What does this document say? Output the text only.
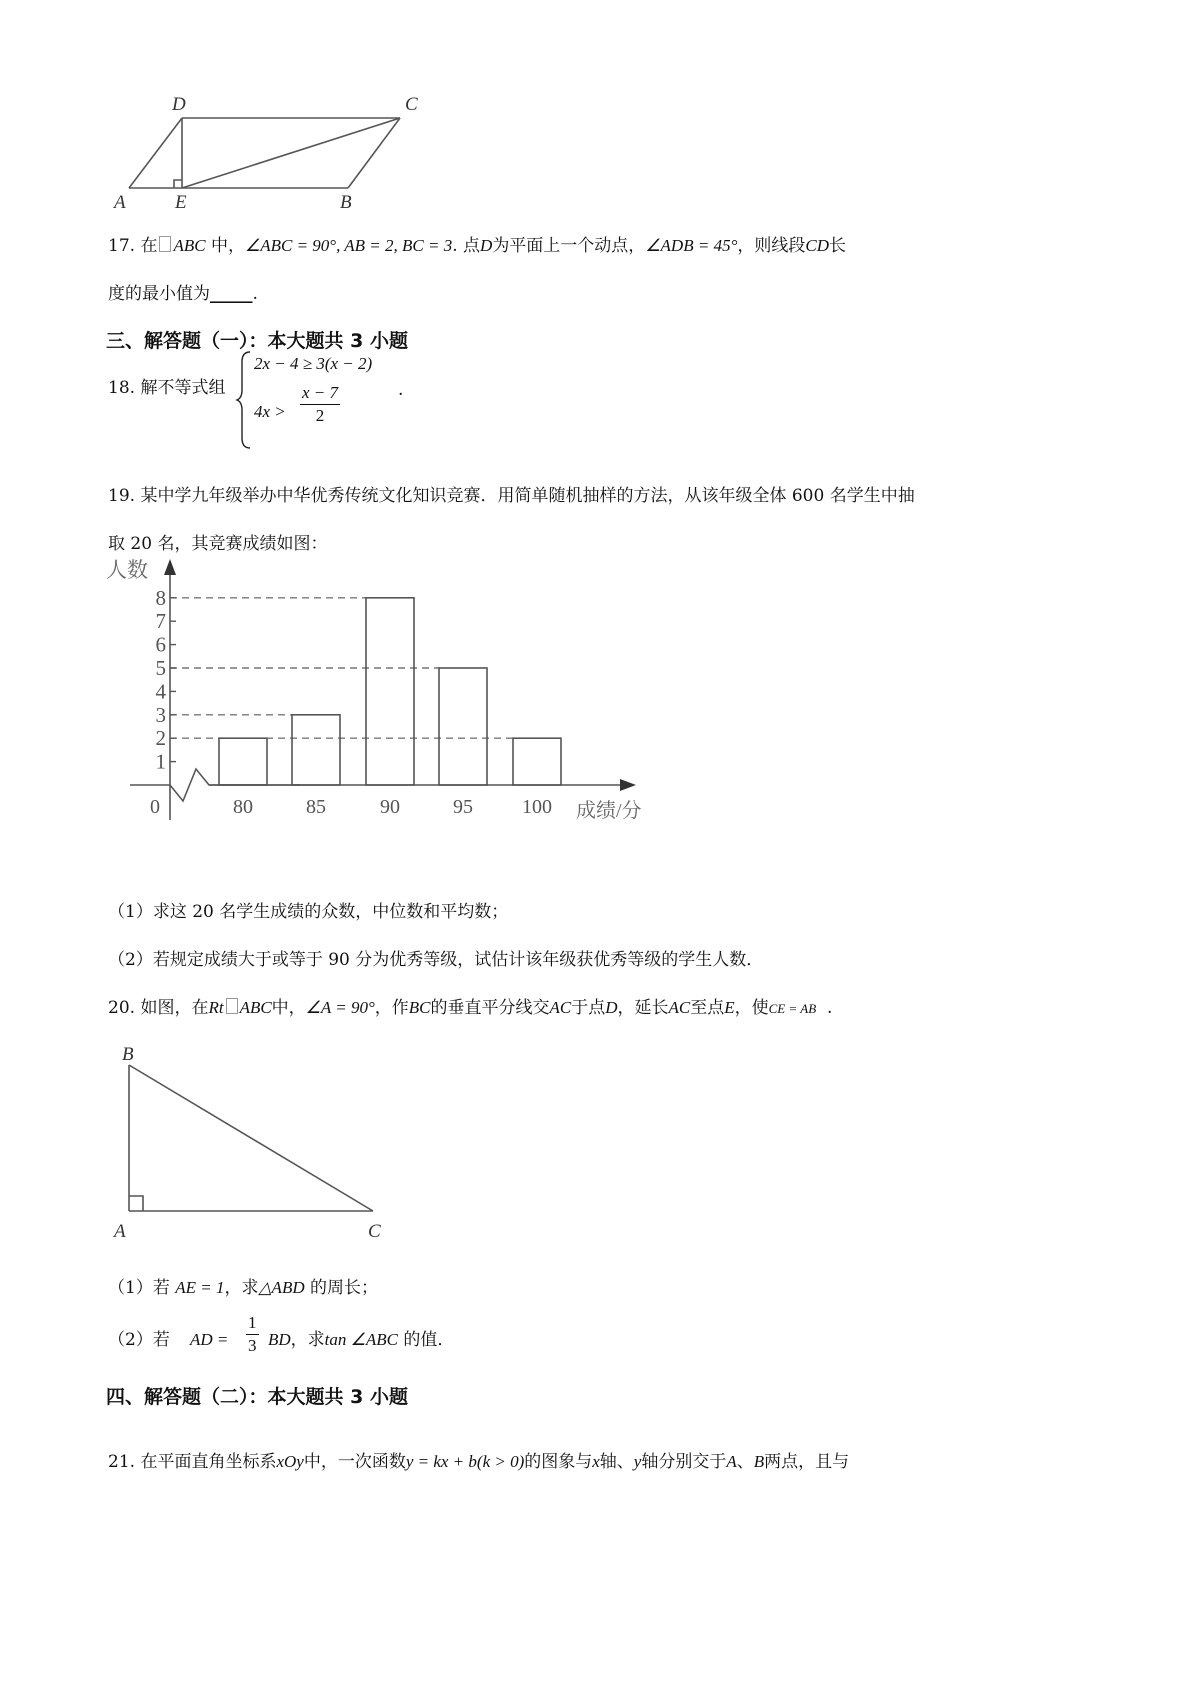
D	C
A	E	B
17. 在 ABC 中，∠ABC = 90°, AB = 2, BC = 3. 点D为平面上一个动点，∠ADB = 45°，则线段CD长
度的最小值为_____.
三、解答题（一）：本大题共 3 小题
18. 解不等式组
2x − 4 ≥ 3(x − 2)
$4x > \frac{x - 7}{2}$	.
19. 某中学九年级举办中华优秀传统文化知识竞赛．用简单随机抽样的方法，从该年级全体 600 名学生中抽
取 20 名，其竞赛成绩如图：
1
2
3
4
5
6
7
8
80	85	90	95 100
人数
成绩/分
0
（1）求这 20 名学生成绩的众数，中位数和平均数；
（2）若规定成绩大于或等于 90 分为优秀等级，试估计该年级获优秀等级的学生人数．
20. 如图，在Rt ABC中，∠A = 90°，作BC的垂直平分线交AC于点D，延长AC至点E，使CE = AB .
B
A	C
（1）若 AE = 1，求△ABD 的周长；
（2）若 AD = $\frac{1}{3}$ BD，求tan ∠ABC 的值．
四、解答题（二）：本大题共 3 小题
21. 在平面直角坐标系xOy中，一次函数y = kx + b(k > 0)的图象与x轴、y轴分别交于A、B两点，且与
